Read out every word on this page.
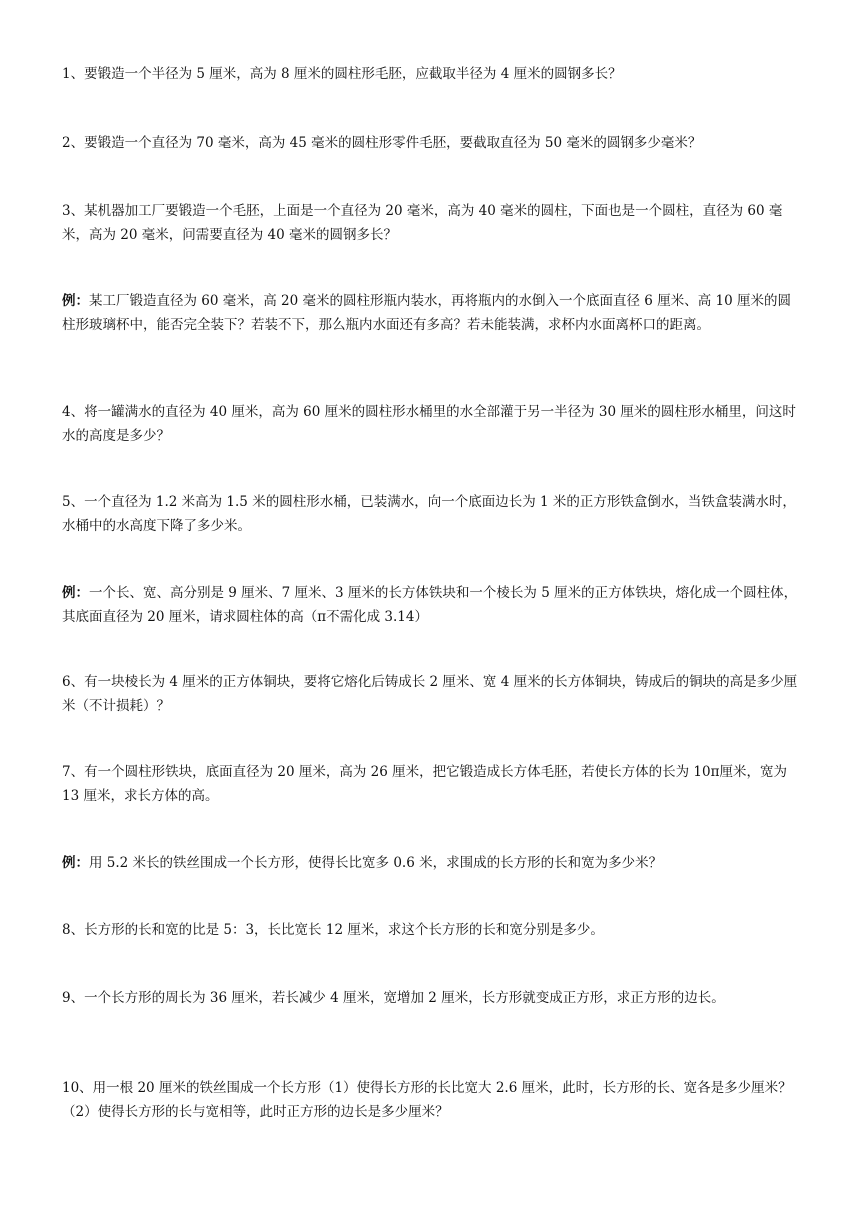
1、要锻造一个半径为 5 厘米，高为 8 厘米的圆柱形毛胚，应截取半径为 4 厘米的圆钢多长？

2、要锻造一个直径为 70 毫米，高为 45 毫米的圆柱形零件毛胚，要截取直径为 50 毫米的圆钢多少毫米？

3、某机器加工厂要锻造一个毛胚，上面是一个直径为 20 毫米，高为 40 毫米的圆柱，下面也是一个圆柱，直径为 60 毫米，高为 20 毫米，问需要直径为 40 毫米的圆钢多长？

例：某工厂锻造直径为 60 毫米，高 20 毫米的圆柱形瓶内装水，再将瓶内的水倒入一个底面直径 6 厘米、高 10 厘米的圆柱形玻璃杯中，能否完全装下？若装不下，那么瓶内水面还有多高？若未能装满，求杯内水面离杯口的距离。

4、将一罐满水的直径为 40 厘米，高为 60 厘米的圆柱形水桶里的水全部灌于另一半径为 30 厘米的圆柱形水桶里，问这时水的高度是多少？

5、一个直径为 1.2 米高为 1.5 米的圆柱形水桶，已装满水，向一个底面边长为 1 米的正方形铁盒倒水，当铁盒装满水时，水桶中的水高度下降了多少米。

例：一个长、宽、高分别是 9 厘米、7 厘米、3 厘米的长方体铁块和一个棱长为 5 厘米的正方体铁块，熔化成一个圆柱体，其底面直径为 20 厘米，请求圆柱体的高（π不需化成 3.14）

6、有一块棱长为 4 厘米的正方体铜块，要将它熔化后铸成长 2 厘米、宽 4 厘米的长方体铜块，铸成后的铜块的高是多少厘米（不计损耗）？

7、有一个圆柱形铁块，底面直径为 20 厘米，高为 26 厘米，把它锻造成长方体毛胚，若使长方体的长为 10π厘米，宽为 13 厘米，求长方体的高。

例：用 5.2 米长的铁丝围成一个长方形，使得长比宽多 0.6 米，求围成的长方形的长和宽为多少米？

8、长方形的长和宽的比是 5：3，长比宽长 12 厘米，求这个长方形的长和宽分别是多少。

9、一个长方形的周长为 36 厘米，若长减少 4 厘米，宽增加 2 厘米，长方形就变成正方形，求正方形的边长。

10、用一根 20 厘米的铁丝围成一个长方形（1）使得长方形的长比宽大 2.6 厘米，此时，长方形的长、宽各是多少厘米？（2）使得长方形的长与宽相等，此时正方形的边长是多少厘米？
